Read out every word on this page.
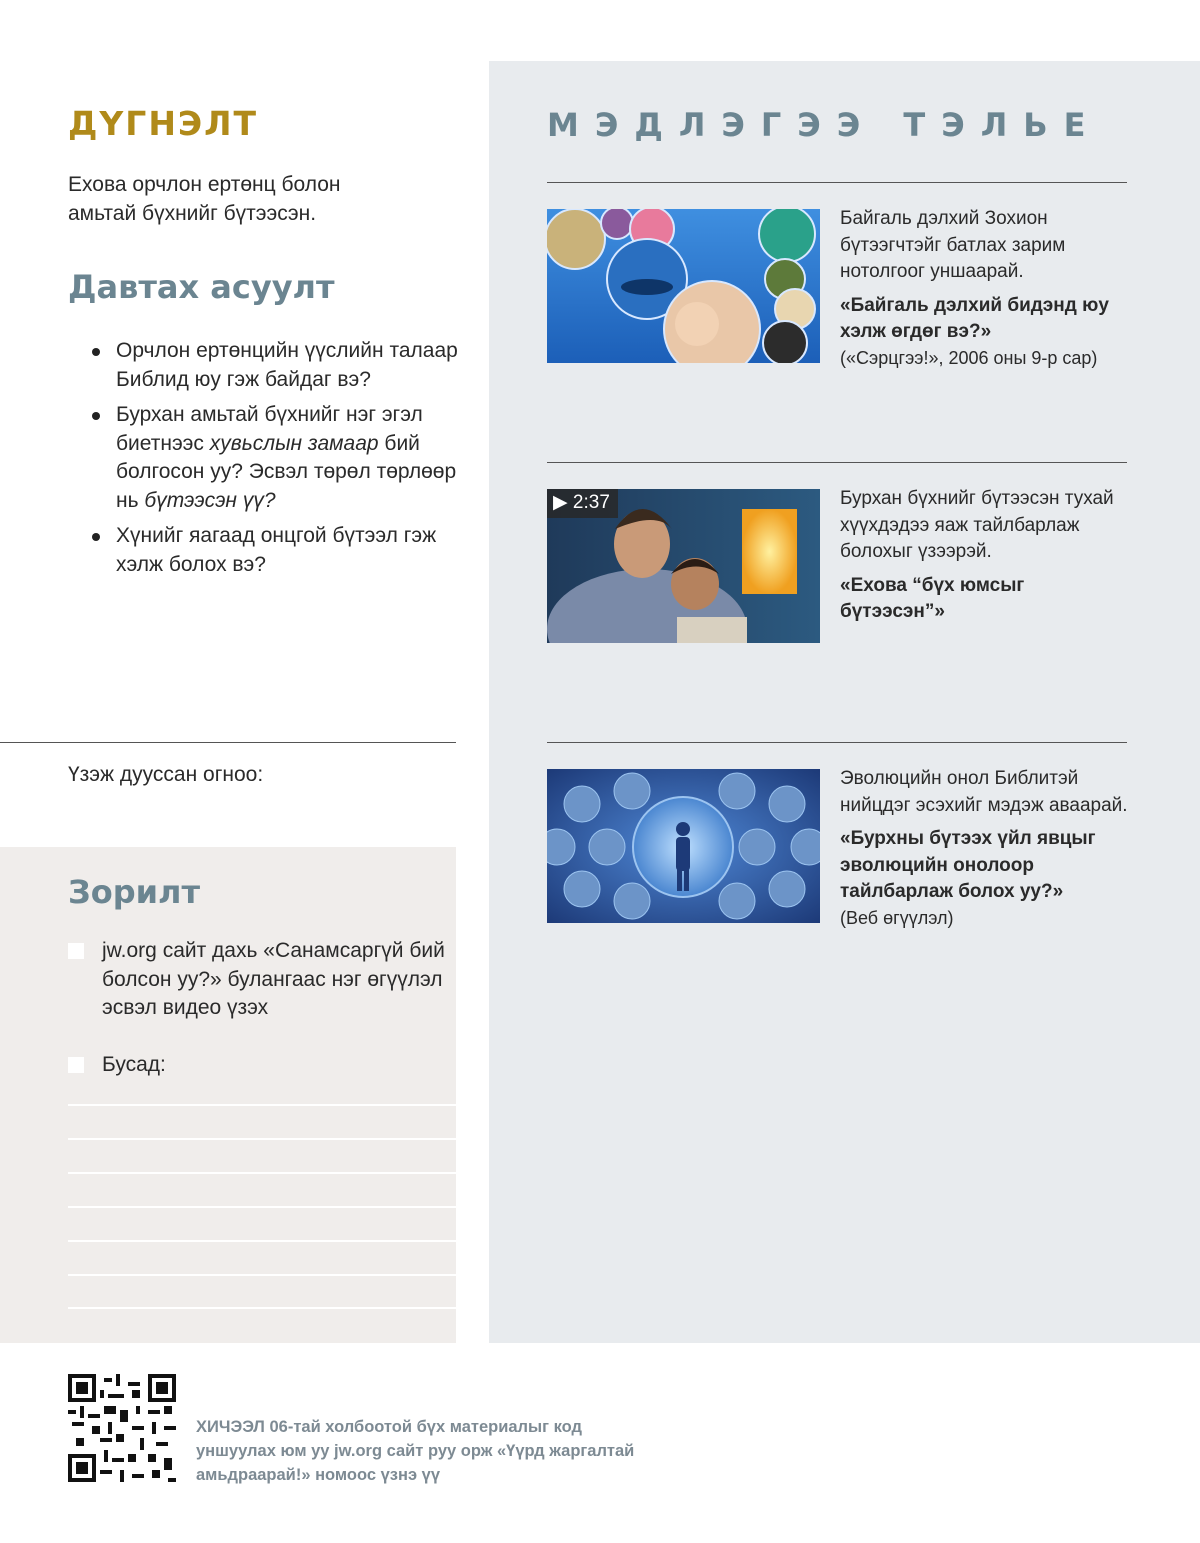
ДҮГНЭЛТ
Ехова орчлон ертөнц болон амьтай бүхнийг бүтээсэн.
Давтах асуулт
Орчлон ертөнцийн үүслийн талаар Библид юу гэж байдаг вэ?
Бурхан амьтай бүхнийг нэг эгэл биетнээс хувьслын замаар бий болгосон уу? Эсвэл төрөл төрлөөр нь бүтээсэн үү?
Хүнийг яагаад онцгой бүтээл гэж хэлж болох вэ?
Үзэж дууссан огноо:
Зорилт
jw.org сайт дахь «Санамсаргүй бий болсон уу?» булангаас нэг өгүүлэл эсвэл видео үзэх
Бусад:
МЭДЛЭГЭЭ ТЭЛЬЕ
Байгаль дэлхий Зохион бүтээгчтэйг батлах зарим нотолгоог уншаарай.
«Байгаль дэлхий бидэнд юу хэлж өгдөг вэ?»
(«Сэрцгээ!», 2006 оны 9-р сар)
▶ 2:37	Бурхан бүхнийг бүтээсэн тухай хүүхдэдээ яаж тайлбарлаж болохыг үзээрэй.
«Ехова “бүх юмсыг бүтээсэн”»
Эволюцийн онол Библитэй нийцдэг эсэхийг мэдэж аваарай.
«Бурхны бүтээх үйл явцыг эволюцийн онолоор тайлбарлаж болох уу?»
(Веб өгүүлэл)
ХИЧЭЭЛ 06-тай холбоотой бүх материалыг код уншуулах юм уу jw.org сайт руу орж «Үүрд жаргалтай амьдраарай!» номоос үзнэ үү
